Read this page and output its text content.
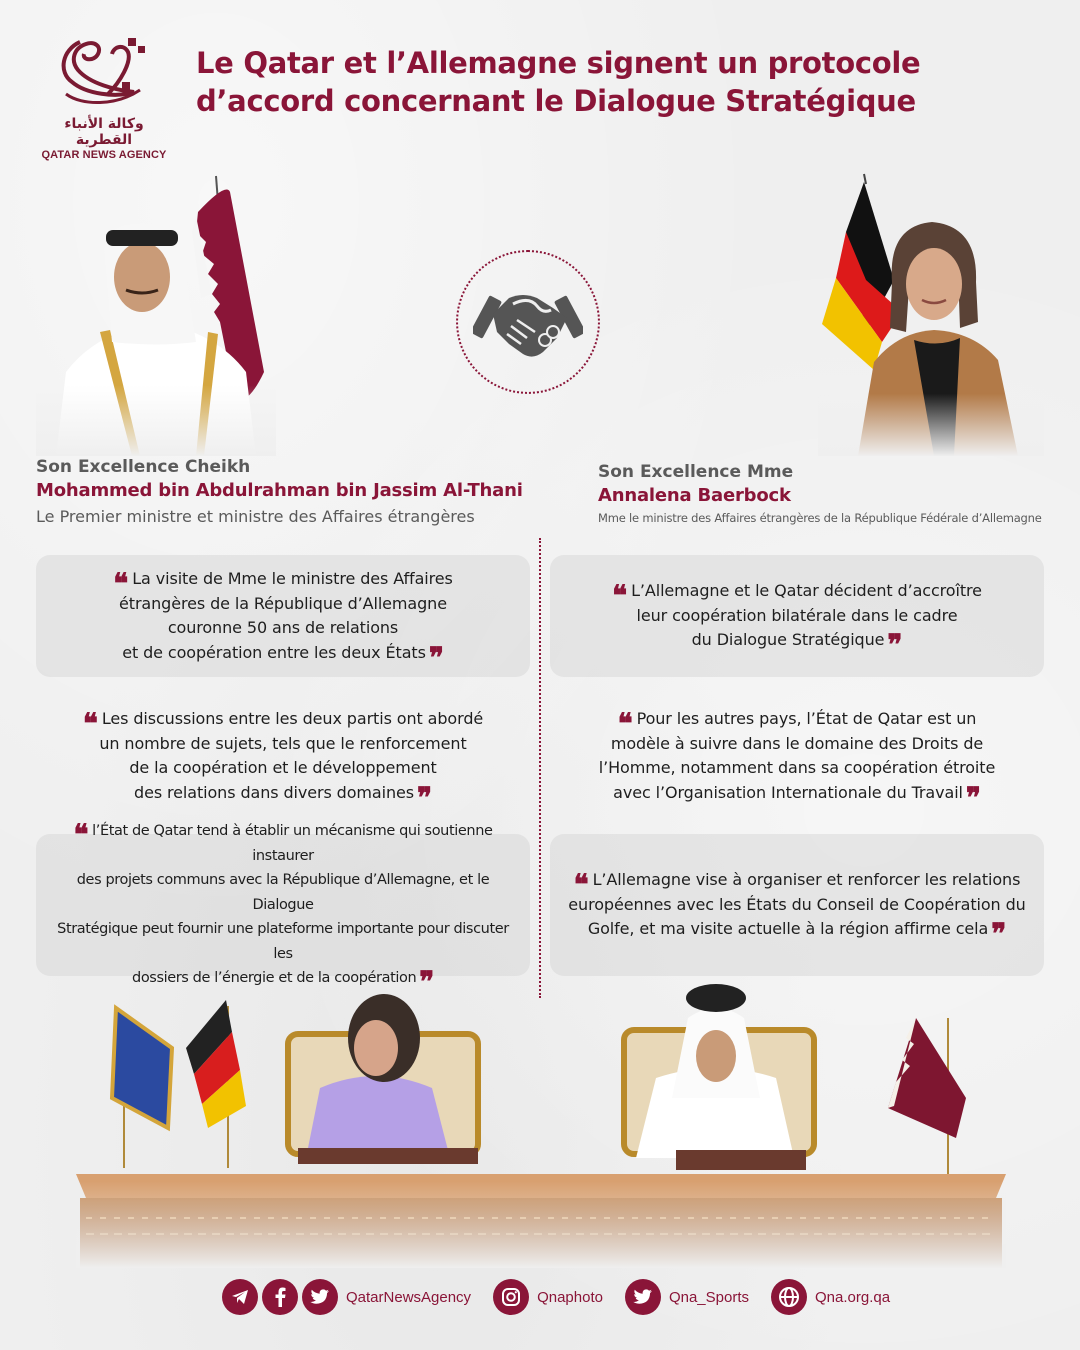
وكالة الأنباء القطرية
QATAR NEWS AGENCY
Le Qatar et l’Allemagne signent un protocole
d’accord concernant le Dialogue Stratégique
Son Excellence Cheikh
Mohammed bin Abdulrahman bin Jassim Al-Thani
Le Premier ministre et ministre des Affaires étrangères
Son Excellence Mme
Annalena Baerbock
Mme le ministre des Affaires étrangères de la République Fédérale d’Allemagne

❝ La visite de Mme le ministre des Affaires
étrangères de la République d’Allemagne
couronne 50 ans de relations
et de coopération entre les deux États ❞

❝ Les discussions entre les deux partis ont abordé
un nombre de sujets, tels que le renforcement
de la coopération et le développement
des relations dans divers domaines ❞

❝ l’État de Qatar tend à établir un mécanisme qui soutienne instaurer
des projets communs avec la République d’Allemagne, et le Dialogue
Stratégique peut fournir une plateforme importante pour discuter les

❝ L’Allemagne et le Qatar décident d’accroître
leur coopération bilatérale dans le cadre
du Dialogue Stratégique ❞

❝ Pour les autres pays, l’État de Qatar est un
modèle à suivre dans le domaine des Droits de
l’Homme, notamment dans sa coopération étroite
avec l’Organisation Internationale du Travail ❞

❝ L’Allemagne vise à organiser et renforcer les relations
européennes avec les États du Conseil de Coopération du
Golfe, et ma visite actuelle à la région affirme cela ❞

QatarNewsAgency	Qnaphoto	Qna_Sports	Qna.org.qa
